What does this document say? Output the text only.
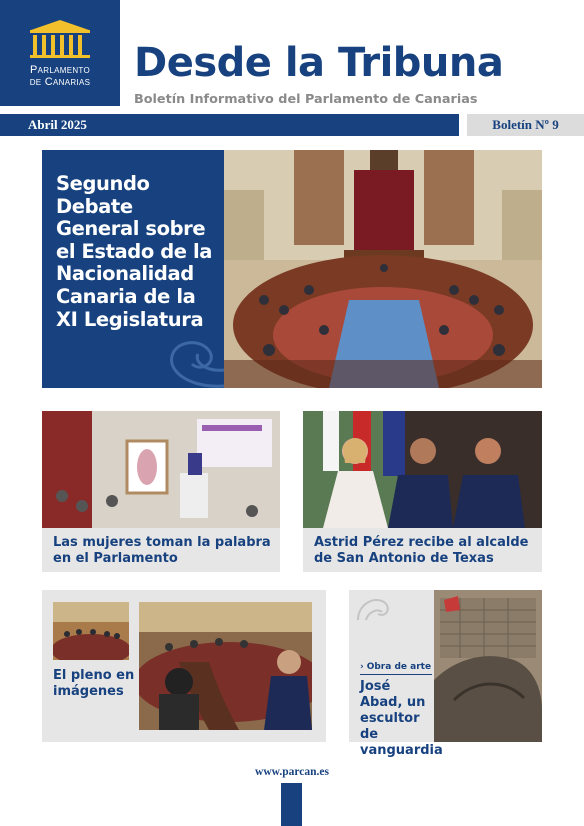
Parlamento
de Canarias	Desde la Tribuna
Boletín Informativo del Parlamento de Canarias
Abril 2025	Boletín Nº 9
Segundo Debate General sobre el Estado de la Nacionalidad Canaria de la XI Legislatura
Las mujeres toman la palabra en el Parlamento
Astrid Pérez recibe al alcalde de San Antonio de Texas
El pleno en imágenes
› Obra de arte
José Abad, un escultor de vanguardia
www.parcan.es
